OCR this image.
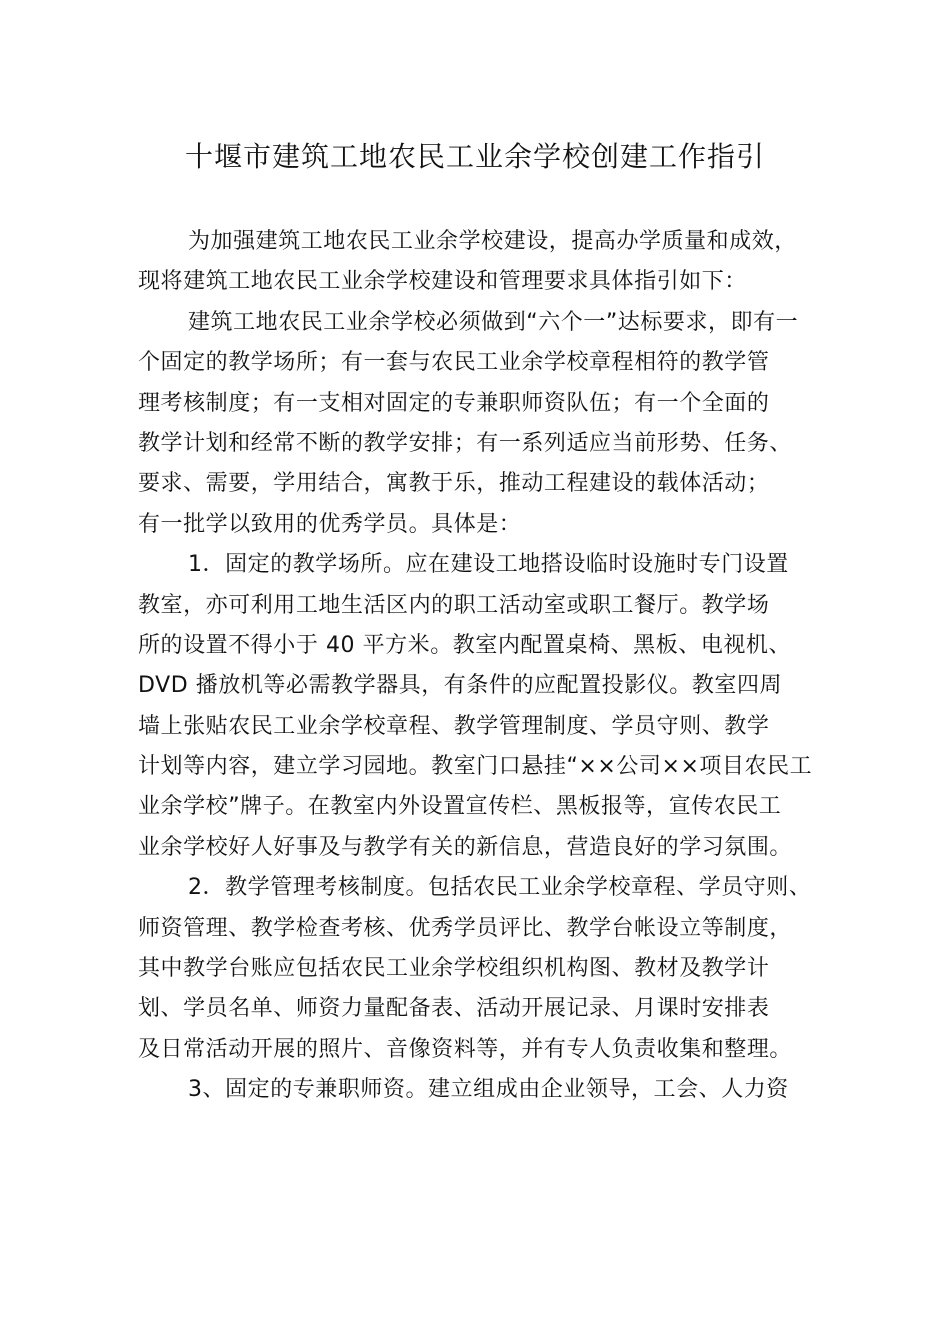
十堰市建筑工地农民工业余学校创建工作指引
为加强建筑工地农民工业余学校建设，提高办学质量和成效，
现将建筑工地农民工业余学校建设和管理要求具体指引如下：
建筑工地农民工业余学校必须做到“六个一”达标要求，即有一
个固定的教学场所；有一套与农民工业余学校章程相符的教学管
理考核制度；有一支相对固定的专兼职师资队伍；有一个全面的
教学计划和经常不断的教学安排；有一系列适应当前形势、任务、
要求、需要，学用结合，寓教于乐，推动工程建设的载体活动；
有一批学以致用的优秀学员。具体是：
1．固定的教学场所。应在建设工地搭设临时设施时专门设置
教室，亦可利用工地生活区内的职工活动室或职工餐厅。教学场
所的设置不得小于 40 平方米。教室内配置桌椅、黑板、电视机、
DVD 播放机等必需教学器具，有条件的应配置投影仪。教室四周
墙上张贴农民工业余学校章程、教学管理制度、学员守则、教学
计划等内容，建立学习园地。教室门口悬挂“××公司××项目农民工
业余学校”牌子。在教室内外设置宣传栏、黑板报等，宣传农民工
业余学校好人好事及与教学有关的新信息，营造良好的学习氛围。
2．教学管理考核制度。包括农民工业余学校章程、学员守则、
师资管理、教学检查考核、优秀学员评比、教学台帐设立等制度，
其中教学台账应包括农民工业余学校组织机构图、教材及教学计
划、学员名单、师资力量配备表、活动开展记录、月课时安排表
及日常活动开展的照片、音像资料等，并有专人负责收集和整理。
3、固定的专兼职师资。建立组成由企业领导，工会、人力资
